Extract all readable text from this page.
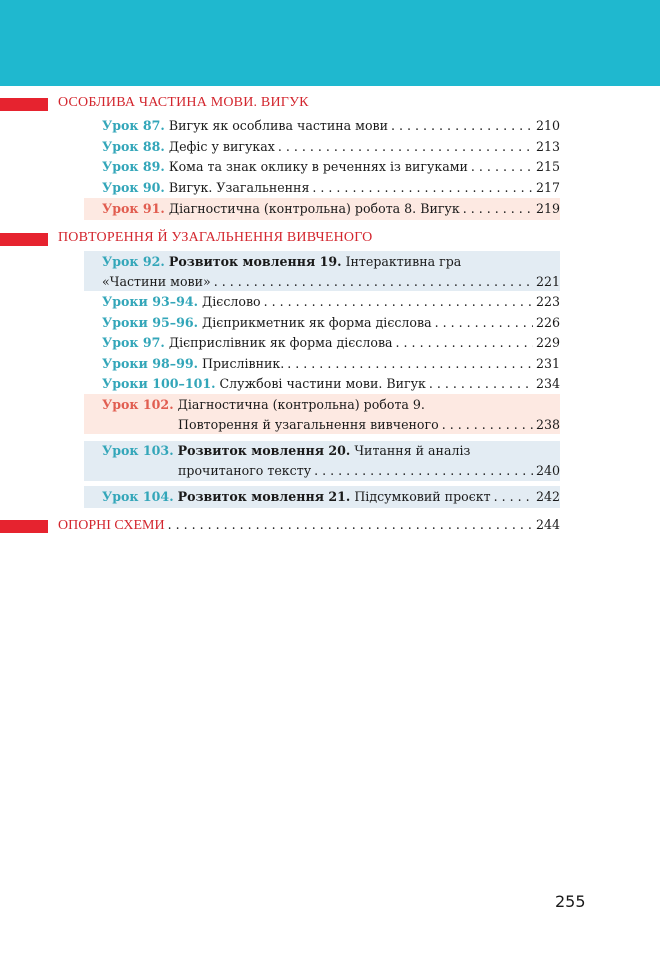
ОСОБЛИВА ЧАСТИНА МОВИ. ВИГУК
Урок 87. Вигук як особлива частина мови . . .	210
Урок 88. Дефіс у вигуках . . .	213
Урок 89. Кома та знак оклику в реченнях із вигуками . . .	215
Урок 90. Вигук. Узагальнення . . .	217
Урок 91. Діагностична (контрольна) робота 8. Вигук . . .	219
ПОВТОРЕННЯ Й УЗАГАЛЬНЕННЯ ВИВЧЕНОГО
Урок 92. Розвиток мовлення 19. Інтерактивна гра
«Частини мови» . . .	221
Уроки 93–94. Дієслово . . .	223
Уроки 95–96. Дієприкметник як форма дієслова . . .	226
Урок 97. Дієприслівник як форма дієслова . . .	229
Уроки 98–99. Прислівник. . . .	231
Уроки 100–101. Службові частини мови. Вигук . . .	234
Урок 102. Діагностична (контрольна) робота 9.
Повторення й узагальнення вивченого . . .	238
Урок 103. Розвиток мовлення 20. Читання й аналіз
прочитаного тексту . . .	240
Урок 104. Розвиток мовлення 21. Підсумковий проєкт . . .	242
ОПОРНІ СХЕМИ . . .	244
255
